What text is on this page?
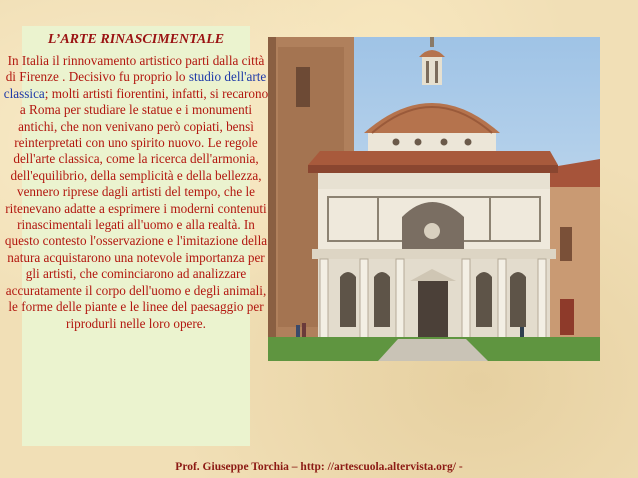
L’ARTE RINASCIMENTALE
In Italia il rinnovamento artistico parti dalla città di Firenze . Decisivo fu proprio lo studio dell'arte classica; molti artisti fiorentini, infatti, si recarono a Roma per studiare le statue e i monumenti antichi, che non venivano però copiati, bensì reinterpretati con uno spirito nuovo. Le regole dell'arte classica, come la ricerca dell'armonia, dell'equilibrio, della semplicità e della bellezza, vennero riprese dagli artisti del tempo, che le ritenevano adatte a esprimere i moderni contenuti rinascimentali legati all'uomo e alla realtà. In questo contesto l'osservazione e l'imitazione della natura acquistarono una notevole importanza per gli artisti, che cominciarono ad analizzare accuratamente il corpo dell'uomo e degli animali, le forme delle piante e le linee del paesaggio per riprodurli nelle loro opere.
Prof. Giuseppe Torchia – http: //artescuola.altervista.org/ -
